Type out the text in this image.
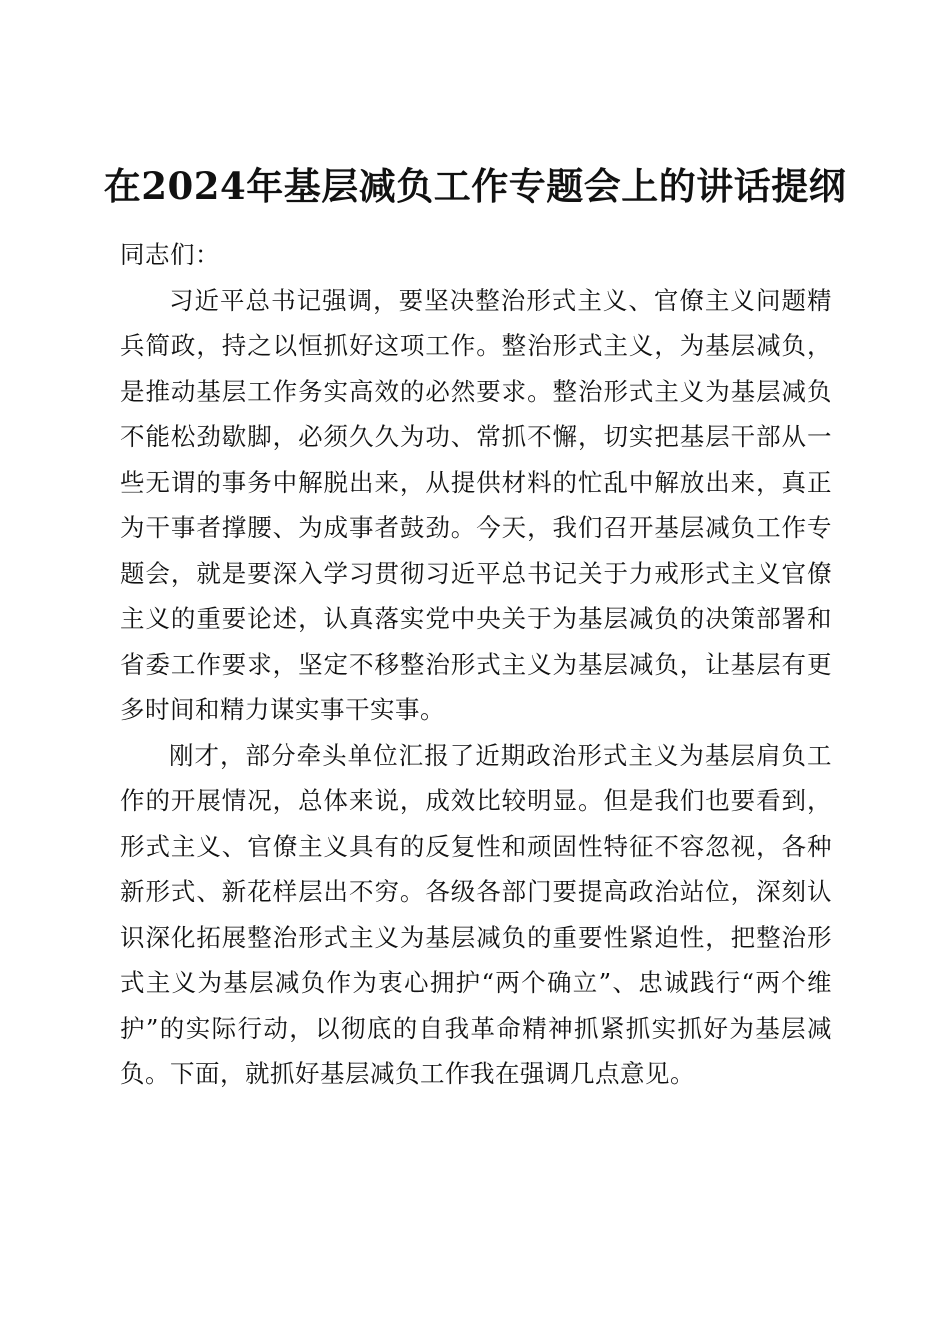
在2024年基层减负工作专题会上的讲话提纲

同志们：

习近平总书记强调，要坚决整治形式主义、官僚主义问题精兵简政，持之以恒抓好这项工作。整治形式主义，为基层减负，是推动基层工作务实高效的必然要求。整治形式主义为基层减负不能松劲歇脚，必须久久为功、常抓不懈，切实把基层干部从一些无谓的事务中解脱出来，从提供材料的忙乱中解放出来，真正为干事者撑腰、为成事者鼓劲。今天，我们召开基层减负工作专题会，就是要深入学习贯彻习近平总书记关于力戒形式主义官僚主义的重要论述，认真落实党中央关于为基层减负的决策部署和省委工作要求，坚定不移整治形式主义为基层减负，让基层有更多时间和精力谋实事干实事。

刚才，部分牵头单位汇报了近期政治形式主义为基层肩负工作的开展情况，总体来说，成效比较明显。但是我们也要看到，形式主义、官僚主义具有的反复性和顽固性特征不容忽视，各种新形式、新花样层出不穷。各级各部门要提高政治站位，深刻认识深化拓展整治形式主义为基层减负的重要性紧迫性，把整治形式主义为基层减负作为衷心拥护“两个确立”、忠诚践行“两个维护”的实际行动，以彻底的自我革命精神抓紧抓实抓好为基层减负。下面，就抓好基层减负工作我在强调几点意见。
